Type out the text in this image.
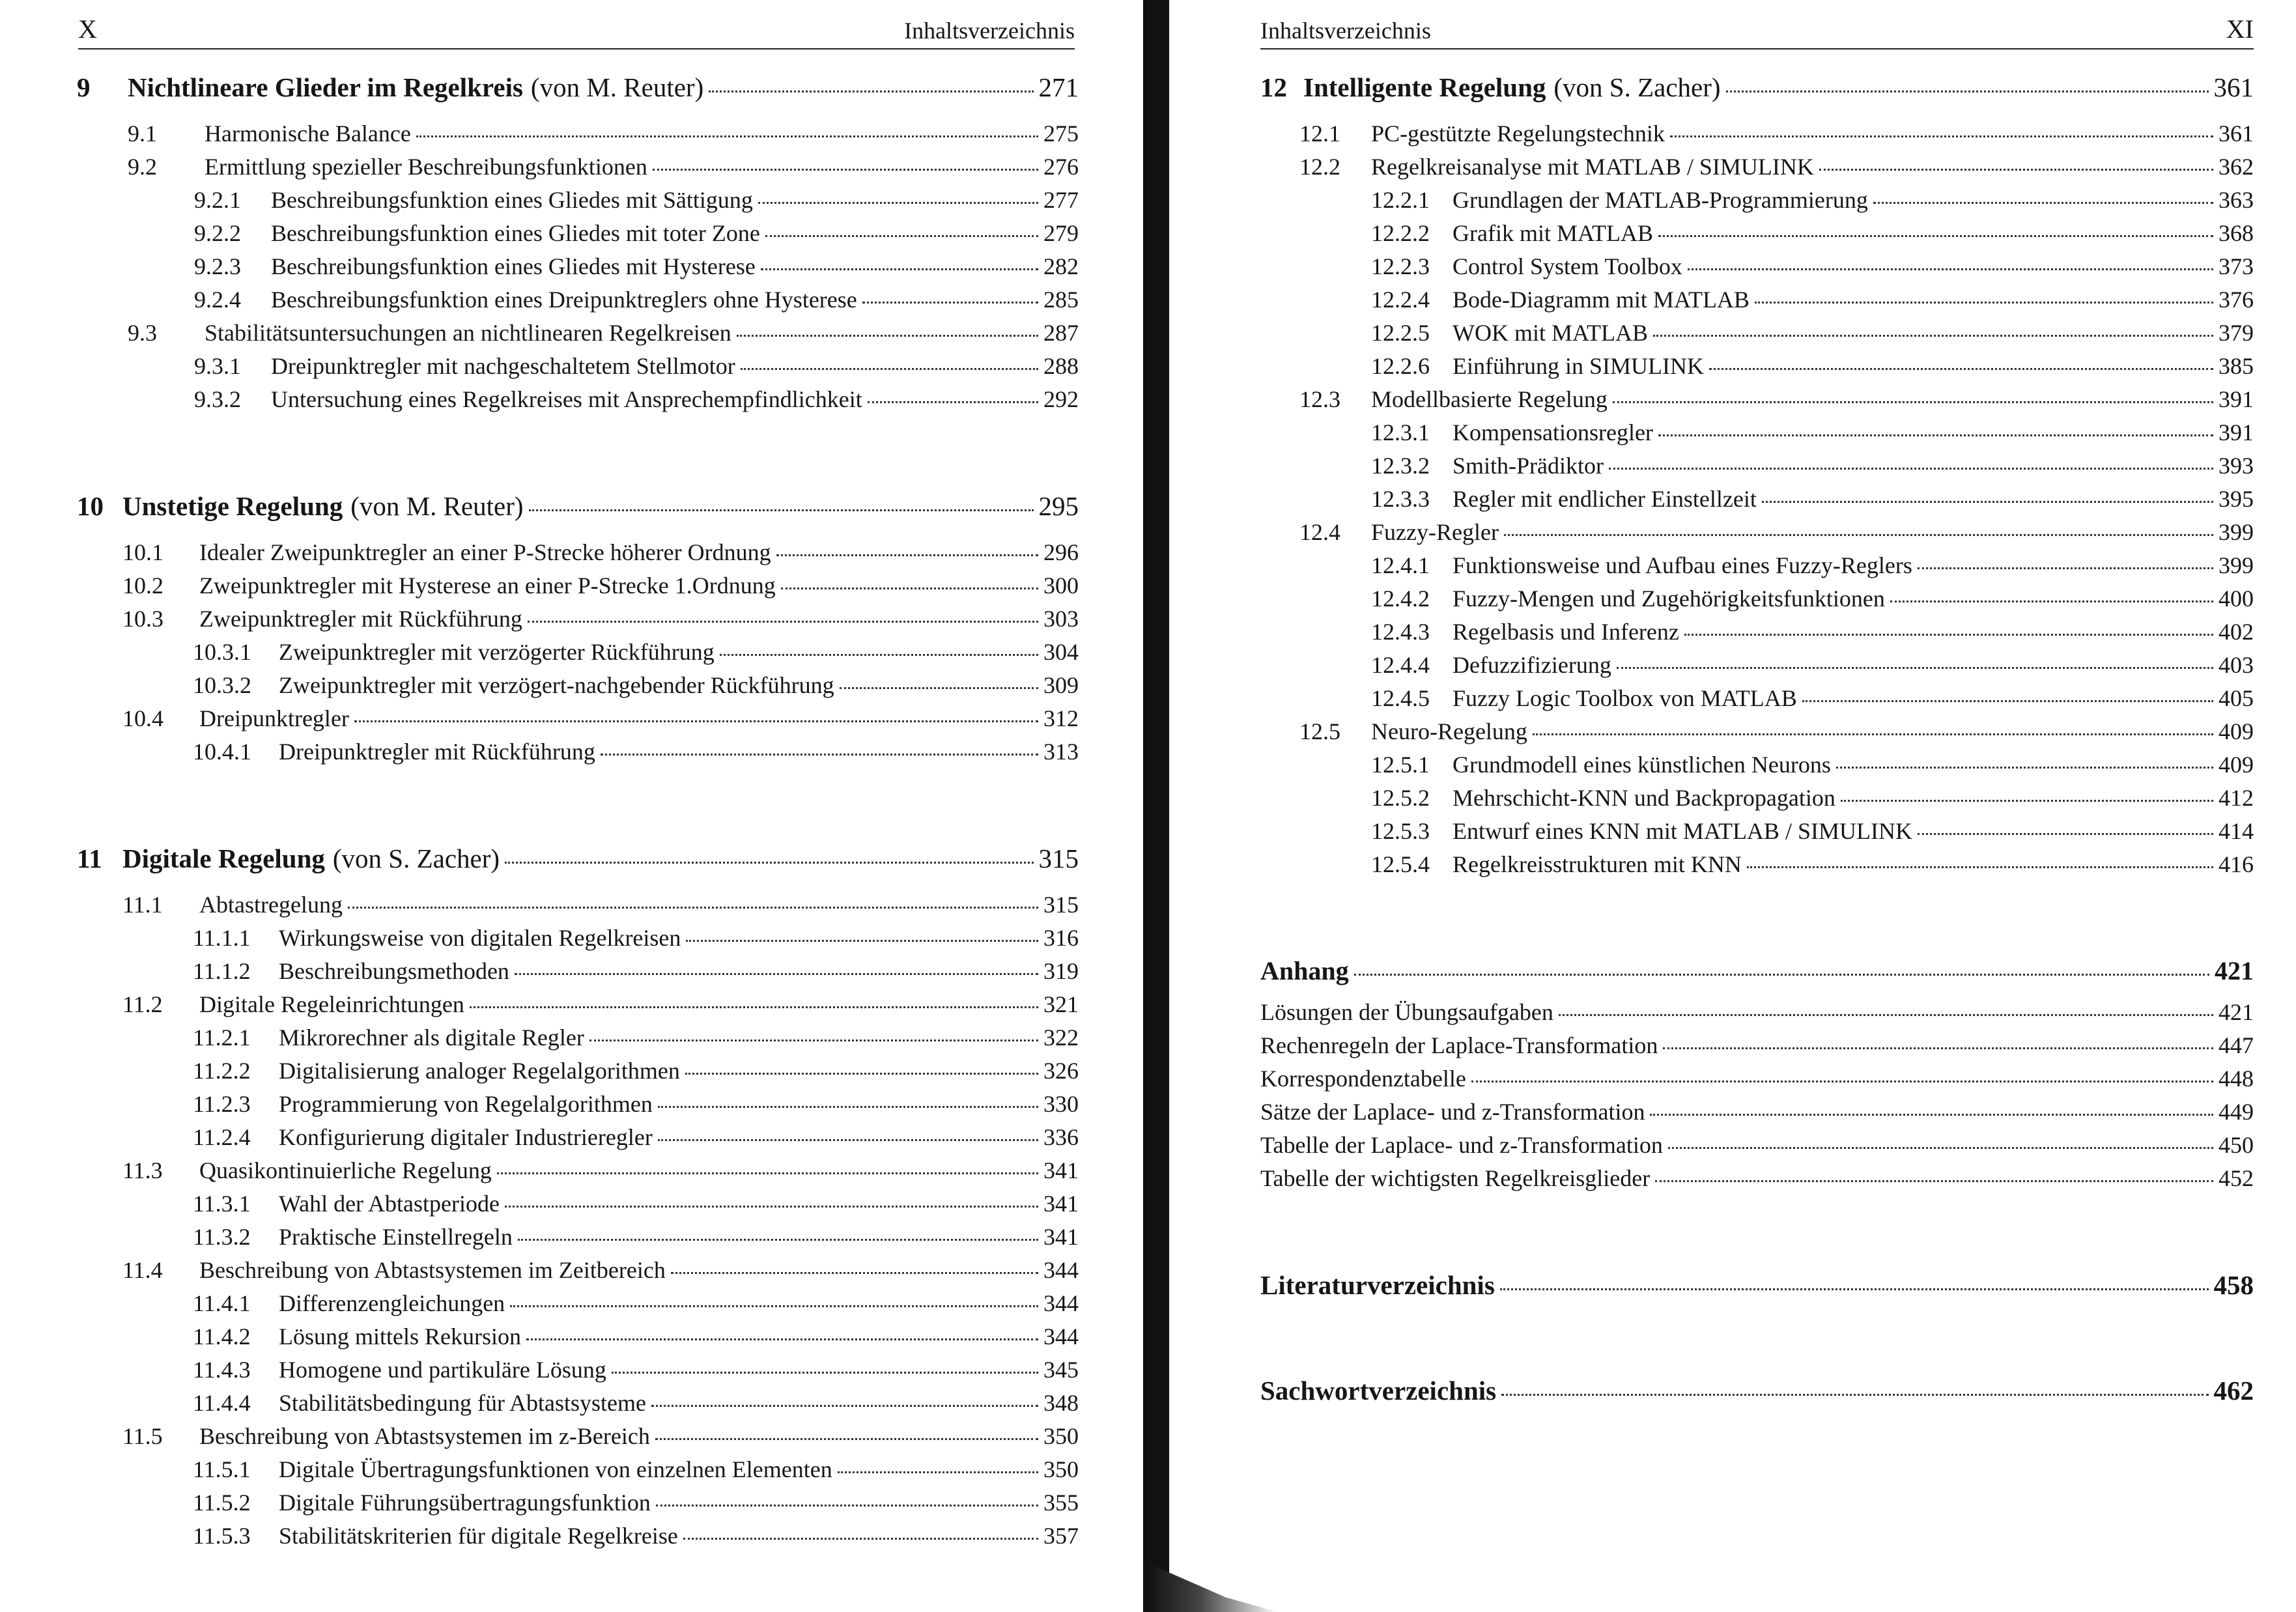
X	Inhaltsverzeichnis
9	Nichtlineare Glieder im Regelkreis (von M. Reuter)	271
9.1	Harmonische Balance	275
9.2	Ermittlung spezieller Beschreibungsfunktionen	276
9.2.1	Beschreibungsfunktion eines Gliedes mit Sättigung	277
9.2.2	Beschreibungsfunktion eines Gliedes mit toter Zone	279
9.2.3	Beschreibungsfunktion eines Gliedes mit Hysterese	282
9.2.4	Beschreibungsfunktion eines Dreipunktreglers ohne Hysterese	285
9.3	Stabilitätsuntersuchungen an nichtlinearen Regelkreisen	287
9.3.1	Dreipunktregler mit nachgeschaltetem Stellmotor	288
9.3.2	Untersuchung eines Regelkreises mit Ansprechempfindlichkeit	292
10 Unstetige Regelung (von M. Reuter)	295
10.1	Idealer Zweipunktregler an einer P-Strecke höherer Ordnung	296
10.2	Zweipunktregler mit Hysterese an einer P-Strecke 1.Ordnung	300
10.3	Zweipunktregler mit Rückführung	303
10.3.1	Zweipunktregler mit verzögerter Rückführung	304
10.3.2	Zweipunktregler mit verzögert-nachgebender Rückführung	309
10.4	Dreipunktregler	312
10.4.1	Dreipunktregler mit Rückführung	313
11 Digitale Regelung (von S. Zacher)	315
11.1	Abtastregelung	315
11.1.1	Wirkungsweise von digitalen Regelkreisen	316
11.1.2	Beschreibungsmethoden	319
11.2	Digitale Regeleinrichtungen	321
11.2.1	Mikrorechner als digitale Regler	322
11.2.2	Digitalisierung analoger Regelalgorithmen	326
11.2.3	Programmierung von Regelalgorithmen	330
11.2.4	Konfigurierung digitaler Industrieregler	336
11.3	Quasikontinuierliche Regelung	341
11.3.1	Wahl der Abtastperiode	341
11.3.2	Praktische Einstellregeln	341
11.4	Beschreibung von Abtastsystemen im Zeitbereich	344
11.4.1	Differenzengleichungen	344
11.4.2	Lösung mittels Rekursion	344
11.4.3	Homogene und partikuläre Lösung	345
11.4.4	Stabilitätsbedingung für Abtastsysteme	348
11.5	Beschreibung von Abtastsystemen im z-Bereich	350
11.5.1	Digitale Übertragungsfunktionen von einzelnen Elementen	350
11.5.2	Digitale Führungsübertragungsfunktion	355
11.5.3	Stabilitätskriterien für digitale Regelkreise	357
Inhaltsverzeichnis	XI
12 Intelligente Regelung (von S. Zacher)	361
12.1	PC-gestützte Regelungstechnik	361
12.2	Regelkreisanalyse mit MATLAB / SIMULINK	362
12.2.1 Grundlagen der MATLAB-Programmierung	363
12.2.2 Grafik mit MATLAB	368
12.2.3 Control System Toolbox	373
12.2.4 Bode-Diagramm mit MATLAB	376
12.2.5 WOK mit MATLAB	379
12.2.6 Einführung in SIMULINK	385
12.3	Modellbasierte Regelung	391
12.3.1 Kompensationsregler	391
12.3.2 Smith-Prädiktor	393
12.3.3 Regler mit endlicher Einstellzeit	395
12.4	Fuzzy-Regler	399
12.4.1 Funktionsweise und Aufbau eines Fuzzy-Reglers	399
12.4.2 Fuzzy-Mengen und Zugehörigkeitsfunktionen	400
12.4.3 Regelbasis und Inferenz	402
12.4.4 Defuzzifizierung	403
12.4.5 Fuzzy Logic Toolbox von MATLAB	405
12.5	Neuro-Regelung	409
12.5.1 Grundmodell eines künstlichen Neurons	409
12.5.2 Mehrschicht-KNN und Backpropagation	412
12.5.3 Entwurf eines KNN mit MATLAB / SIMULINK	414
12.5.4 Regelkreisstrukturen mit KNN	416
Anhang	421
Lösungen der Übungsaufgaben	421
Rechenregeln der Laplace-Transformation	447
Korrespondenztabelle	448
Sätze der Laplace- und z-Transformation	449
Tabelle der Laplace- und z-Transformation	450
Tabelle der wichtigsten Regelkreisglieder	452
Literaturverzeichnis	458
Sachwortverzeichnis	462
